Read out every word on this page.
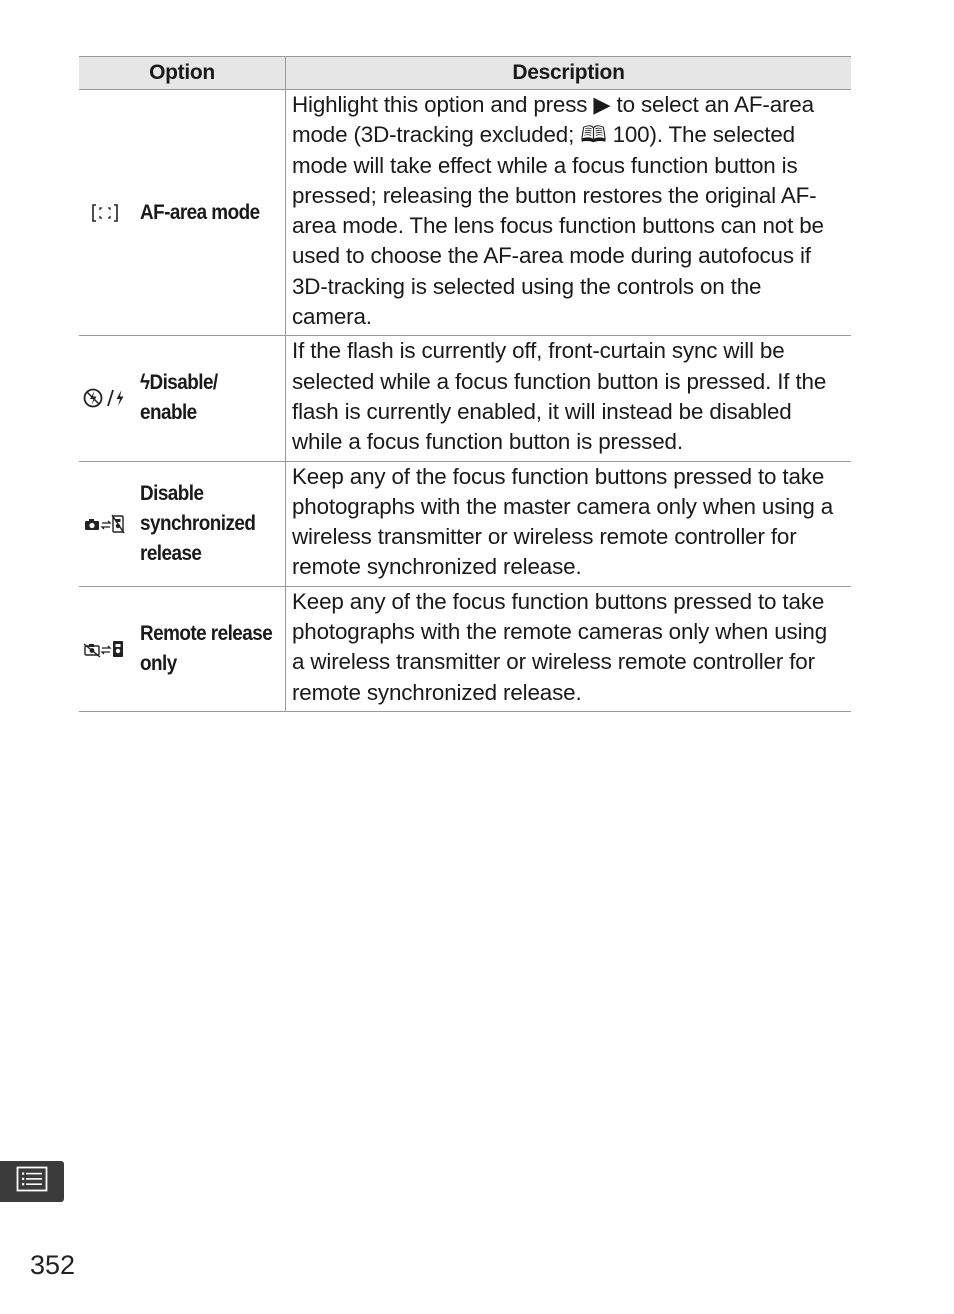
Option	Description

AF-area mode	Highlight this option and press ▶ to select an AF-area mode (3D-tracking excluded; 🕮 100). The selected mode will take effect while a focus function button is pressed; releasing the button restores the original AF-area mode. The lens focus function buttons can not be used to choose the AF-area mode during autofocus if 3D-tracking is selected using the controls on the camera.

ϟDisable/
enable	If the flash is currently off, front-curtain sync will be selected while a focus function button is pressed. If the flash is currently enabled, it will instead be disabled while a focus function button is pressed.

Disable
synchronized
release	Keep any of the focus function buttons pressed to take photographs with the master camera only when using a wireless transmitter or wireless remote controller for remote synchronized release.

Remote release
only	Keep any of the focus function buttons pressed to take photographs with the remote cameras only when using a wireless transmitter or wireless remote controller for remote synchronized release.
352
